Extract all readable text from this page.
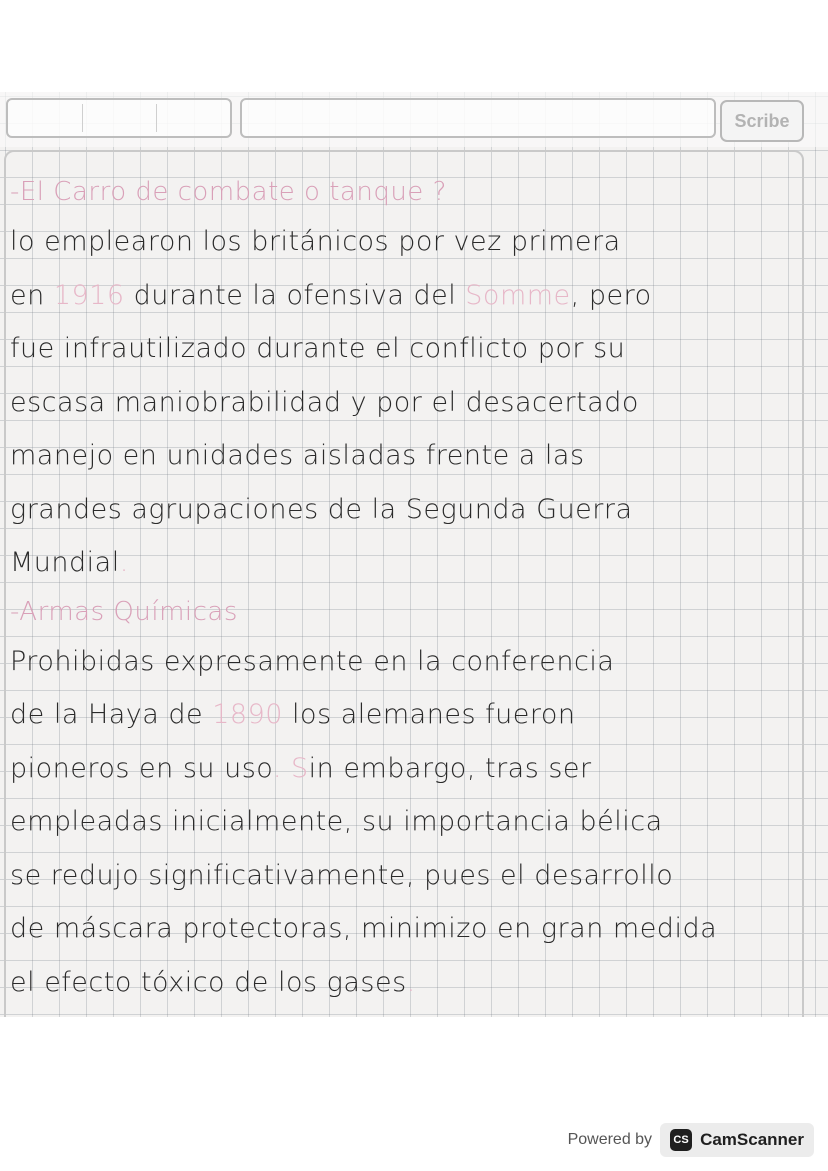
Scribe
-El Carro de combate o tanque ?
lo emplearon los británicos por vez primera
en 1916 durante la ofensiva del Somme, pero
fue infrautilizado durante el conflicto por su
escasa maniobrabilidad y por el desacertado
manejo en unidades aisladas frente a las
grandes agrupaciones de la Segunda Guerra
Mundial.
-Armas Químicas
Prohibidas expresamente en la conferencia
de la Haya de 1890 los alemanes fueron
pioneros en su uso. Sin embargo, tras ser
empleadas inicialmente, su importancia bélica
se redujo significativamente, pues el desarrollo
de máscara protectoras, minimizo en gran medida
el efecto tóxico de los gases.
Powered by	CS CamScanner
